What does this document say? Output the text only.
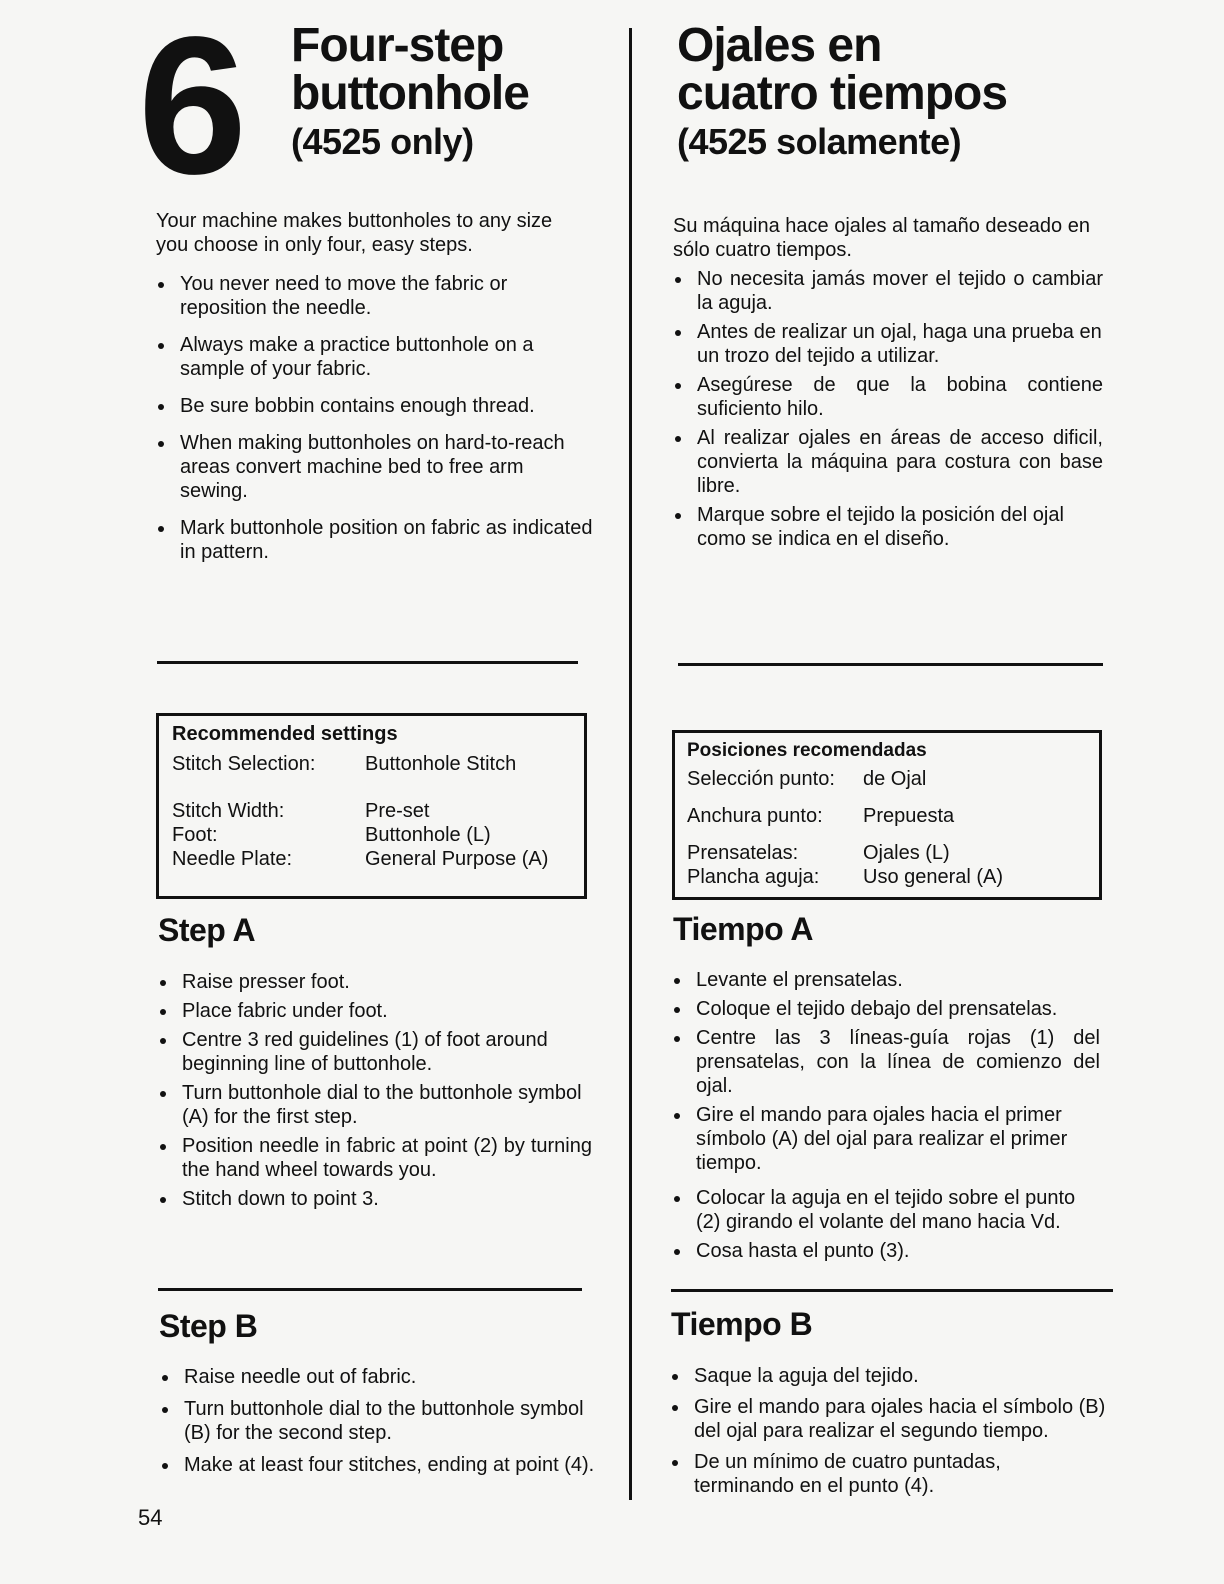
6 Four-step
buttonhole
(4525 only)
Ojales en
cuatro tiempos
(4525 solamente)
Your machine makes buttonholes to any size you choose in only four, easy steps.
You never need to move the fabric or reposition the needle.
Always make a practice buttonhole on a sample of your fabric.
Be sure bobbin contains enough thread.
When making buttonholes on hard-to-reach areas convert machine bed to free arm sewing.
Mark buttonhole position on fabric as indicated in pattern.
Su máquina hace ojales al tamaño deseado en sólo cuatro tiempos.
No necesita jamás mover el tejido o cambiar la aguja.
Antes de realizar un ojal, haga una prueba en un trozo del tejido a utilizar.
Asegúrese de que la bobina contiene suficiento hilo.
Al realizar ojales en áreas de acceso dificil, convierta la máquina para costura con base libre.
Marque sobre el tejido la posición del ojal como se indica en el diseño.
Recommended settings
Stitch Selection:	Buttonhole Stitch
Stitch Width:	Pre-set
Foot:	Buttonhole (L)
Needle Plate:	General Purpose (A)
Posiciones recomendadas
Selección punto:	de Ojal
Anchura punto:	Prepuesta
Prensatelas:	Ojales (L)
Plancha aguja:	Uso general (A)
Step A
Raise presser foot.
Place fabric under foot.
Centre 3 red guidelines (1) of foot around beginning line of buttonhole.
Turn buttonhole dial to the buttonhole symbol (A) for the first step.
Position needle in fabric at point (2) by turning the hand wheel towards you.
Stitch down to point 3.
Tiempo A
Levante el prensatelas.
Coloque el tejido debajo del prensatelas.
Centre las 3 líneas-guía rojas (1) del prensatelas, con la línea de comienzo del ojal.
Gire el mando para ojales hacia el primer símbolo (A) del ojal para realizar el primer tiempo.
Colocar la aguja en el tejido sobre el punto (2) girando el volante del mano hacia Vd.
Cosa hasta el punto (3).
Step B
Raise needle out of fabric.
Turn buttonhole dial to the buttonhole symbol (B) for the second step.
Make at least four stitches, ending at point (4).
Tiempo B
Saque la aguja del tejido.
Gire el mando para ojales hacia el símbolo (B) del ojal para realizar el segundo tiempo.
De un mínimo de cuatro puntadas, terminando en el punto (4).
54
